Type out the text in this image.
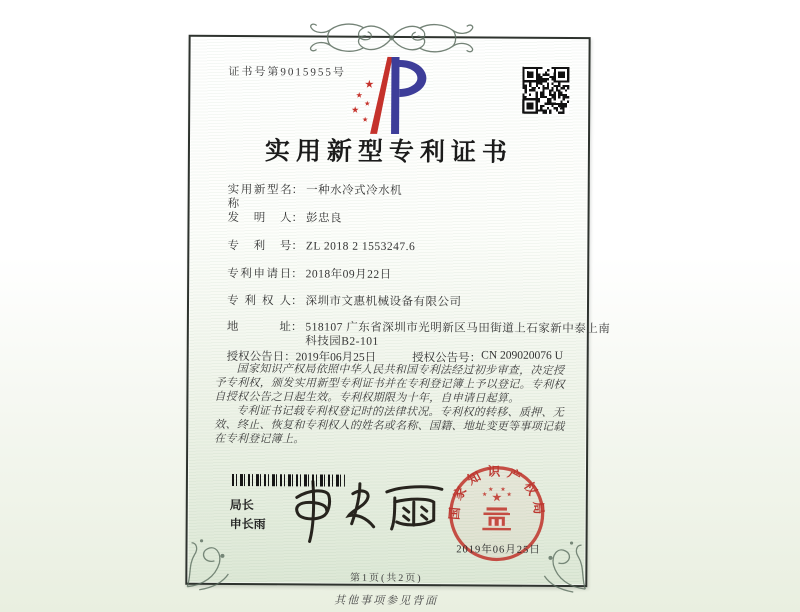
证书号第9015955号
★
★
★
★
★
实用新型专利证书
实用新型名称
： 一种水冷式冷水机
发明人 ： 彭忠良
专利号 ： ZL 2018 2 1553247.6
专利申请日 ： 2018年09月22日
专利权人 ： 深圳市文惠机械设备有限公司
地址 ： 518107 广东省深圳市光明新区马田街道上石家新中泰上南科技园B2-101
授权公告日 ： 2019年06月25日	授权公告号 ： CN 209020076 U

国家知识产权局依照中华人民共和国专利法经过初步审查，决定授予专利权，颁发实用新型专利证书并在专利登记簿上予以登记。专利权自授权公告之日起生效。专利权期限为十年，自申请日起算。

专利证书记载专利权登记时的法律状况。专利权的转移、质押、无效、终止、恢复和专利权人的姓名或名称、国籍、地址变更等事项记载在专利登记簿上。

局长
申长雨
国家知识产权局
★
★
★ ★
★
2019年06月25日
第1页(共2页)
其他事项参见背面
